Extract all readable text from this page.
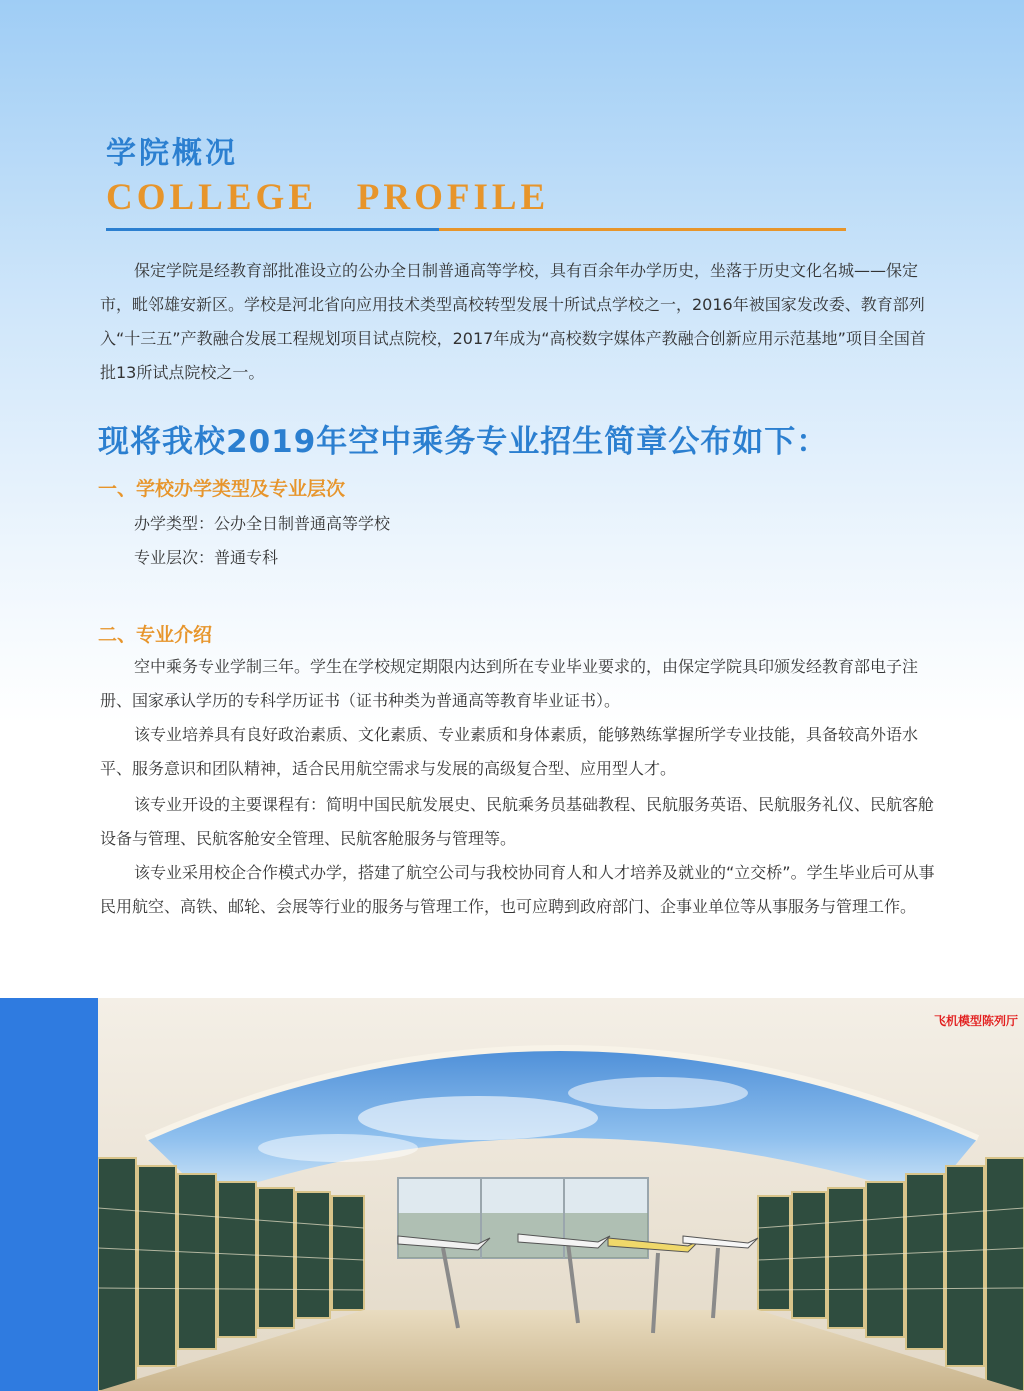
学院概况
COLLEGE   PROFILE

保定学院是经教育部批准设立的公办全日制普通高等学校，具有百余年办学历史，坐落于历史文化名城——保定市，毗邻雄安新区。学校是河北省向应用技术类型高校转型发展十所试点学校之一，2016年被国家发改委、教育部列入“十三五”产教融合发展工程规划项目试点院校，2017年成为“高校数字媒体产教融合创新应用示范基地”项目全国首批13所试点院校之一。

现将我校2019年空中乘务专业招生简章公布如下：
一、学校办学类型及专业层次
办学类型：公办全日制普通高等学校
专业层次：普通专科
二、专业介绍

空中乘务专业学制三年。学生在学校规定期限内达到所在专业毕业要求的，由保定学院具印颁发经教育部电子注册、国家承认学历的专科学历证书（证书种类为普通高等教育毕业证书）。

该专业培养具有良好政治素质、文化素质、专业素质和身体素质，能够熟练掌握所学专业技能，具备较高外语水平、服务意识和团队精神，适合民用航空需求与发展的高级复合型、应用型人才。

该专业开设的主要课程有：简明中国民航发展史、民航乘务员基础教程、民航服务英语、民航服务礼仪、民航客舱设备与管理、民航客舱安全管理、民航客舱服务与管理等。

该专业采用校企合作模式办学，搭建了航空公司与我校协同育人和人才培养及就业的“立交桥”。学生毕业后可从事民用航空、高铁、邮轮、会展等行业的服务与管理工作，也可应聘到政府部门、企事业单位等从事服务与管理工作。

飞机模型陈列厅
